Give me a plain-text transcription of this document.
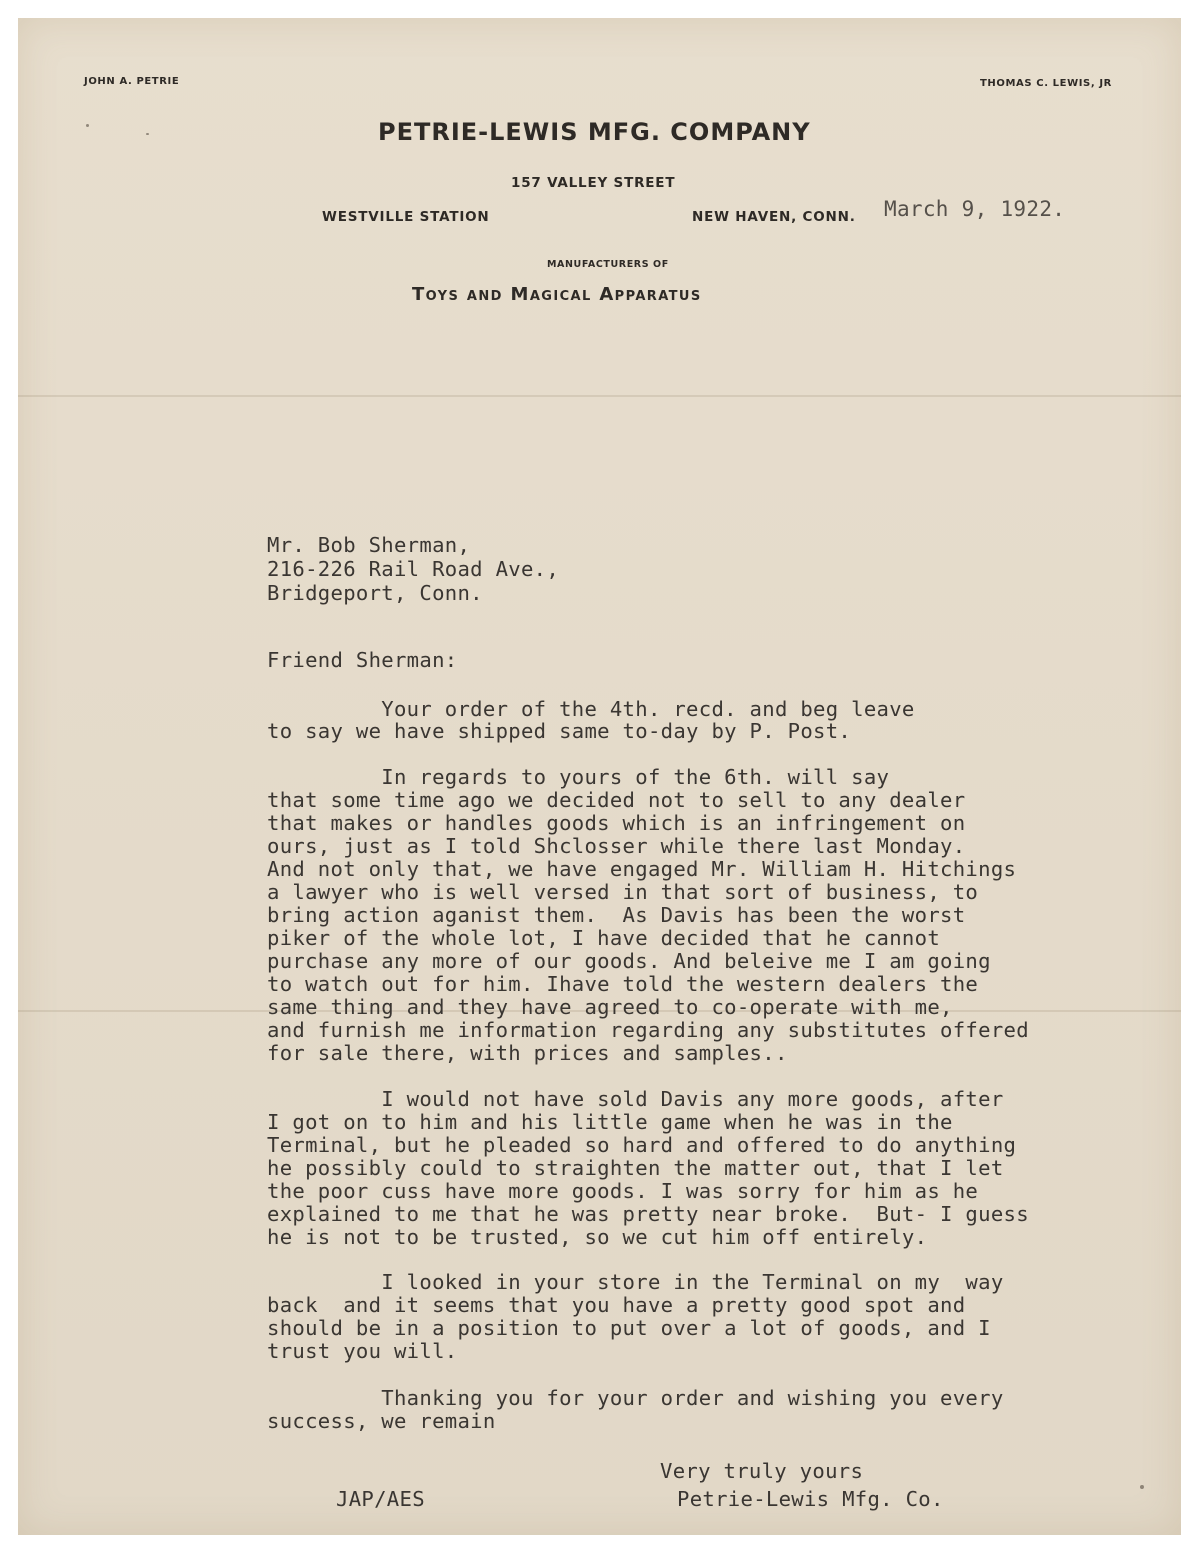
JOHN A. PETRIE	THOMAS C. LEWIS, JR
PETRIE-LEWIS MFG. COMPANY
157 VALLEY STREET
WESTVILLE STATION	NEW HAVEN, CONN.
MANUFACTURERS OF
Toys and Magical Apparatus
March 9, 1922.
Mr. Bob Sherman,
216-226 Rail Road Ave.,
Bridgeport, Conn.
Friend Sherman:
Your order of the 4th. recd. and beg leave
to say we have shipped same to-day by P. Post.
In regards to yours of the 6th. will say
that some time ago we decided not to sell to any dealer
that makes or handles goods which is an infringement on
ours, just as I told Shclosser while there last Monday.
And not only that, we have engaged Mr. William H. Hitchings
a lawyer who is well versed in that sort of business, to
bring action aganist them.  As Davis has been the worst
piker of the whole lot, I have decided that he cannot
purchase any more of our goods. And beleive me I am going
to watch out for him. Ihave told the western dealers the
same thing and they have agreed to co-operate with me,
and furnish me information regarding any substitutes offered
for sale there, with prices and samples..
I would not have sold Davis any more goods, after
I got on to him and his little game when he was in the
Terminal, but he pleaded so hard and offered to do anything
he possibly could to straighten the matter out, that I let
the poor cuss have more goods. I was sorry for him as he
explained to me that he was pretty near broke.  But- I guess
he is not to be trusted, so we cut him off entirely.
I looked in your store in the Terminal on my  way
back  and it seems that you have a pretty good spot and
should be in a position to put over a lot of goods, and I
trust you will.
Thanking you for your order and wishing you every
success, we remain
Very truly yours
Petrie-Lewis Mfg. Co.
JAP/AES
